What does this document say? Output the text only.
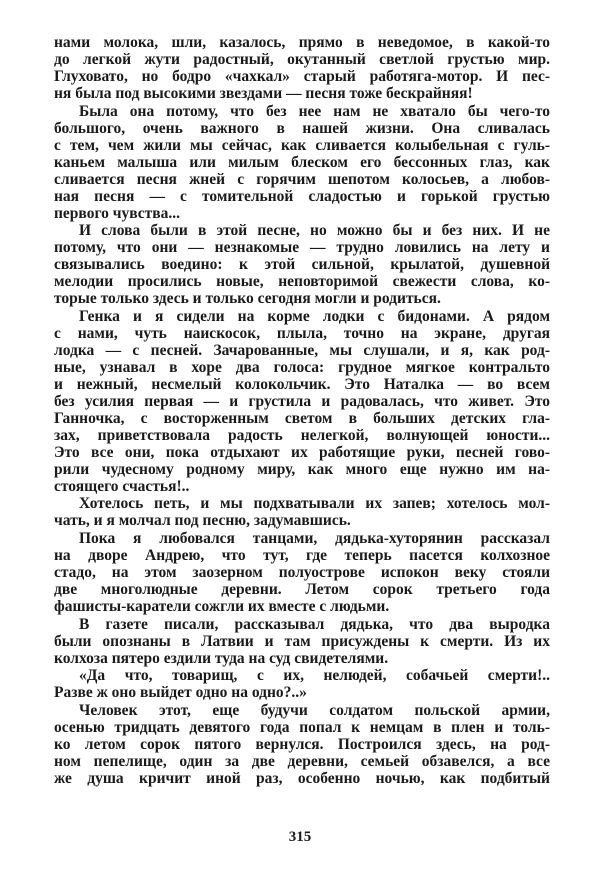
нами молока, шли, казалось, прямо в неведомое, в какой-то
до легкой жути радостный, окутанный светлой грустью мир.
Глуховато, но бодро «чахкал» старый работяга-мотор. И пес-
ня была под высокими звездами — песня тоже бескрайняя!
Была она потому, что без нее нам не хватало бы чего-то
большого, очень важного в нашей жизни. Она сливалась
с тем, чем жили мы сейчас, как сливается колыбельная с гуль-
каньем малыша или милым блеском его бессонных глаз, как
сливается песня жней с горячим шепотом колосьев, а любов-
ная песня — с томительной сладостью и горькой грустью
первого чувства...
И слова были в этой песне, но можно бы и без них. И не
потому, что они — незнакомые — трудно ловились на лету и
связывались воедино: к этой сильной, крылатой, душевной
мелодии просились новые, неповторимой свежести слова, ко-
торые только здесь и только сегодня могли и родиться.
Генка и я сидели на корме лодки с бидонами. А рядом
с нами, чуть наискосок, плыла, точно на экране, другая
лодка — с песней. Зачарованные, мы слушали, и я, как род-
ные, узнавал в хоре два голоса: грудное мягкое контральто
и нежный, несмелый колокольчик. Это Наталка — во всем
без усилия первая — и грустила и радовалась, что живет. Это
Ганночка, с восторженным светом в больших детских гла-
зах, приветствовала радость нелегкой, волнующей юности...
Это все они, пока отдыхают их работящие руки, песней гово-
рили чудесному родному миру, как много еще нужно им на-
стоящего счастья!..
Хотелось петь, и мы подхватывали их запев; хотелось мол-
чать, и я молчал под песню, задумавшись.
Пока я любовался танцами, дядька-хуторянин рассказал
на дворе Андрею, что тут, где теперь пасется колхозное
стадо, на этом заозерном полуострове испокон веку стояли
две многолюдные деревни. Летом сорок третьего года
фашисты-каратели сожгли их вместе с людьми.
В газете писали, рассказывал дядька, что два выродка
были опознаны в Латвии и там присуждены к смерти. Из их
колхоза пятеро ездили туда на суд свидетелями.
«Да что, товарищ, с их, нелюдей, собачьей смерти!..
Разве ж оно выйдет одно на одно?..»
Человек этот, еще будучи солдатом польской армии,
осенью тридцать девятого года попал к немцам в плен и толь-
ко летом сорок пятого вернулся. Построился здесь, на род-
ном пепелище, один за две деревни, семьей обзавелся, а все
же душа кричит иной раз, особенно ночью, как подбитый
315
